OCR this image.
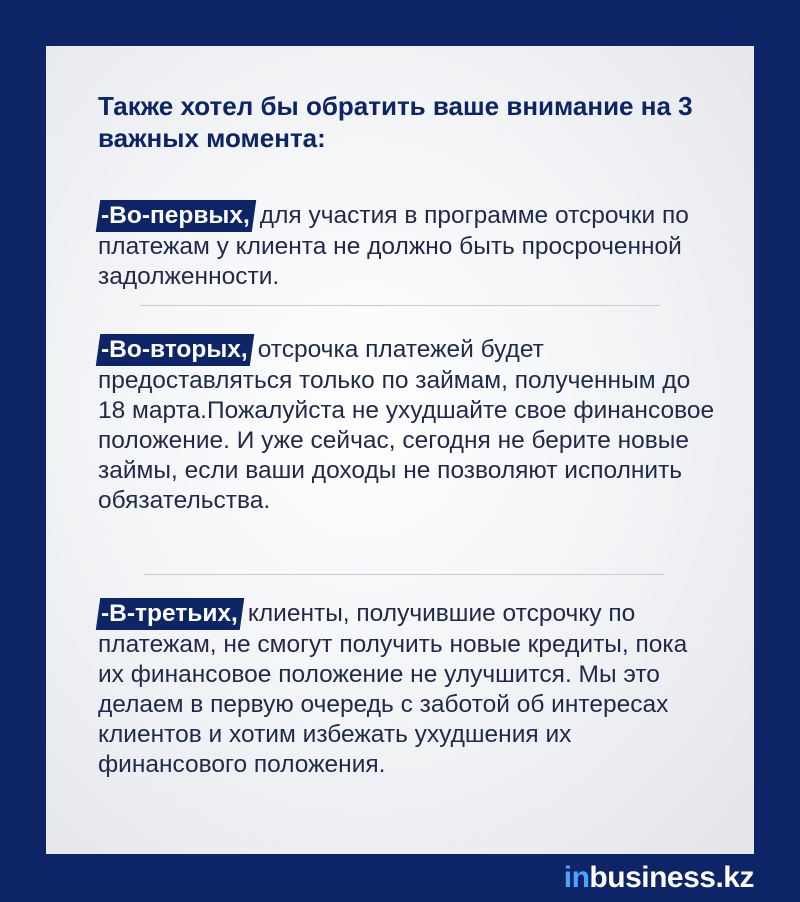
Также хотел бы обратить ваше внимание на 3 важных момента:

-Во-первых, для участия в программе отсрочки по платежам у клиента не должно быть просроченной задолженности.

-Во-вторых, отсрочка платежей будет предоставляться только по займам, полученным до 18 марта.Пожалуйста не ухудшайте свое финансовое положение. И уже сейчас, сегодня не берите новые займы, если ваши доходы не позволяют исполнить обязательства.

-В-третьих, клиенты, получившие отсрочку по платежам, не смогут получить новые кредиты, пока их финансовое положение не улучшится. Мы это делаем в первую очередь с заботой об интересах клиентов и хотим избежать ухудшения их финансового положения.

inbusiness.kz
